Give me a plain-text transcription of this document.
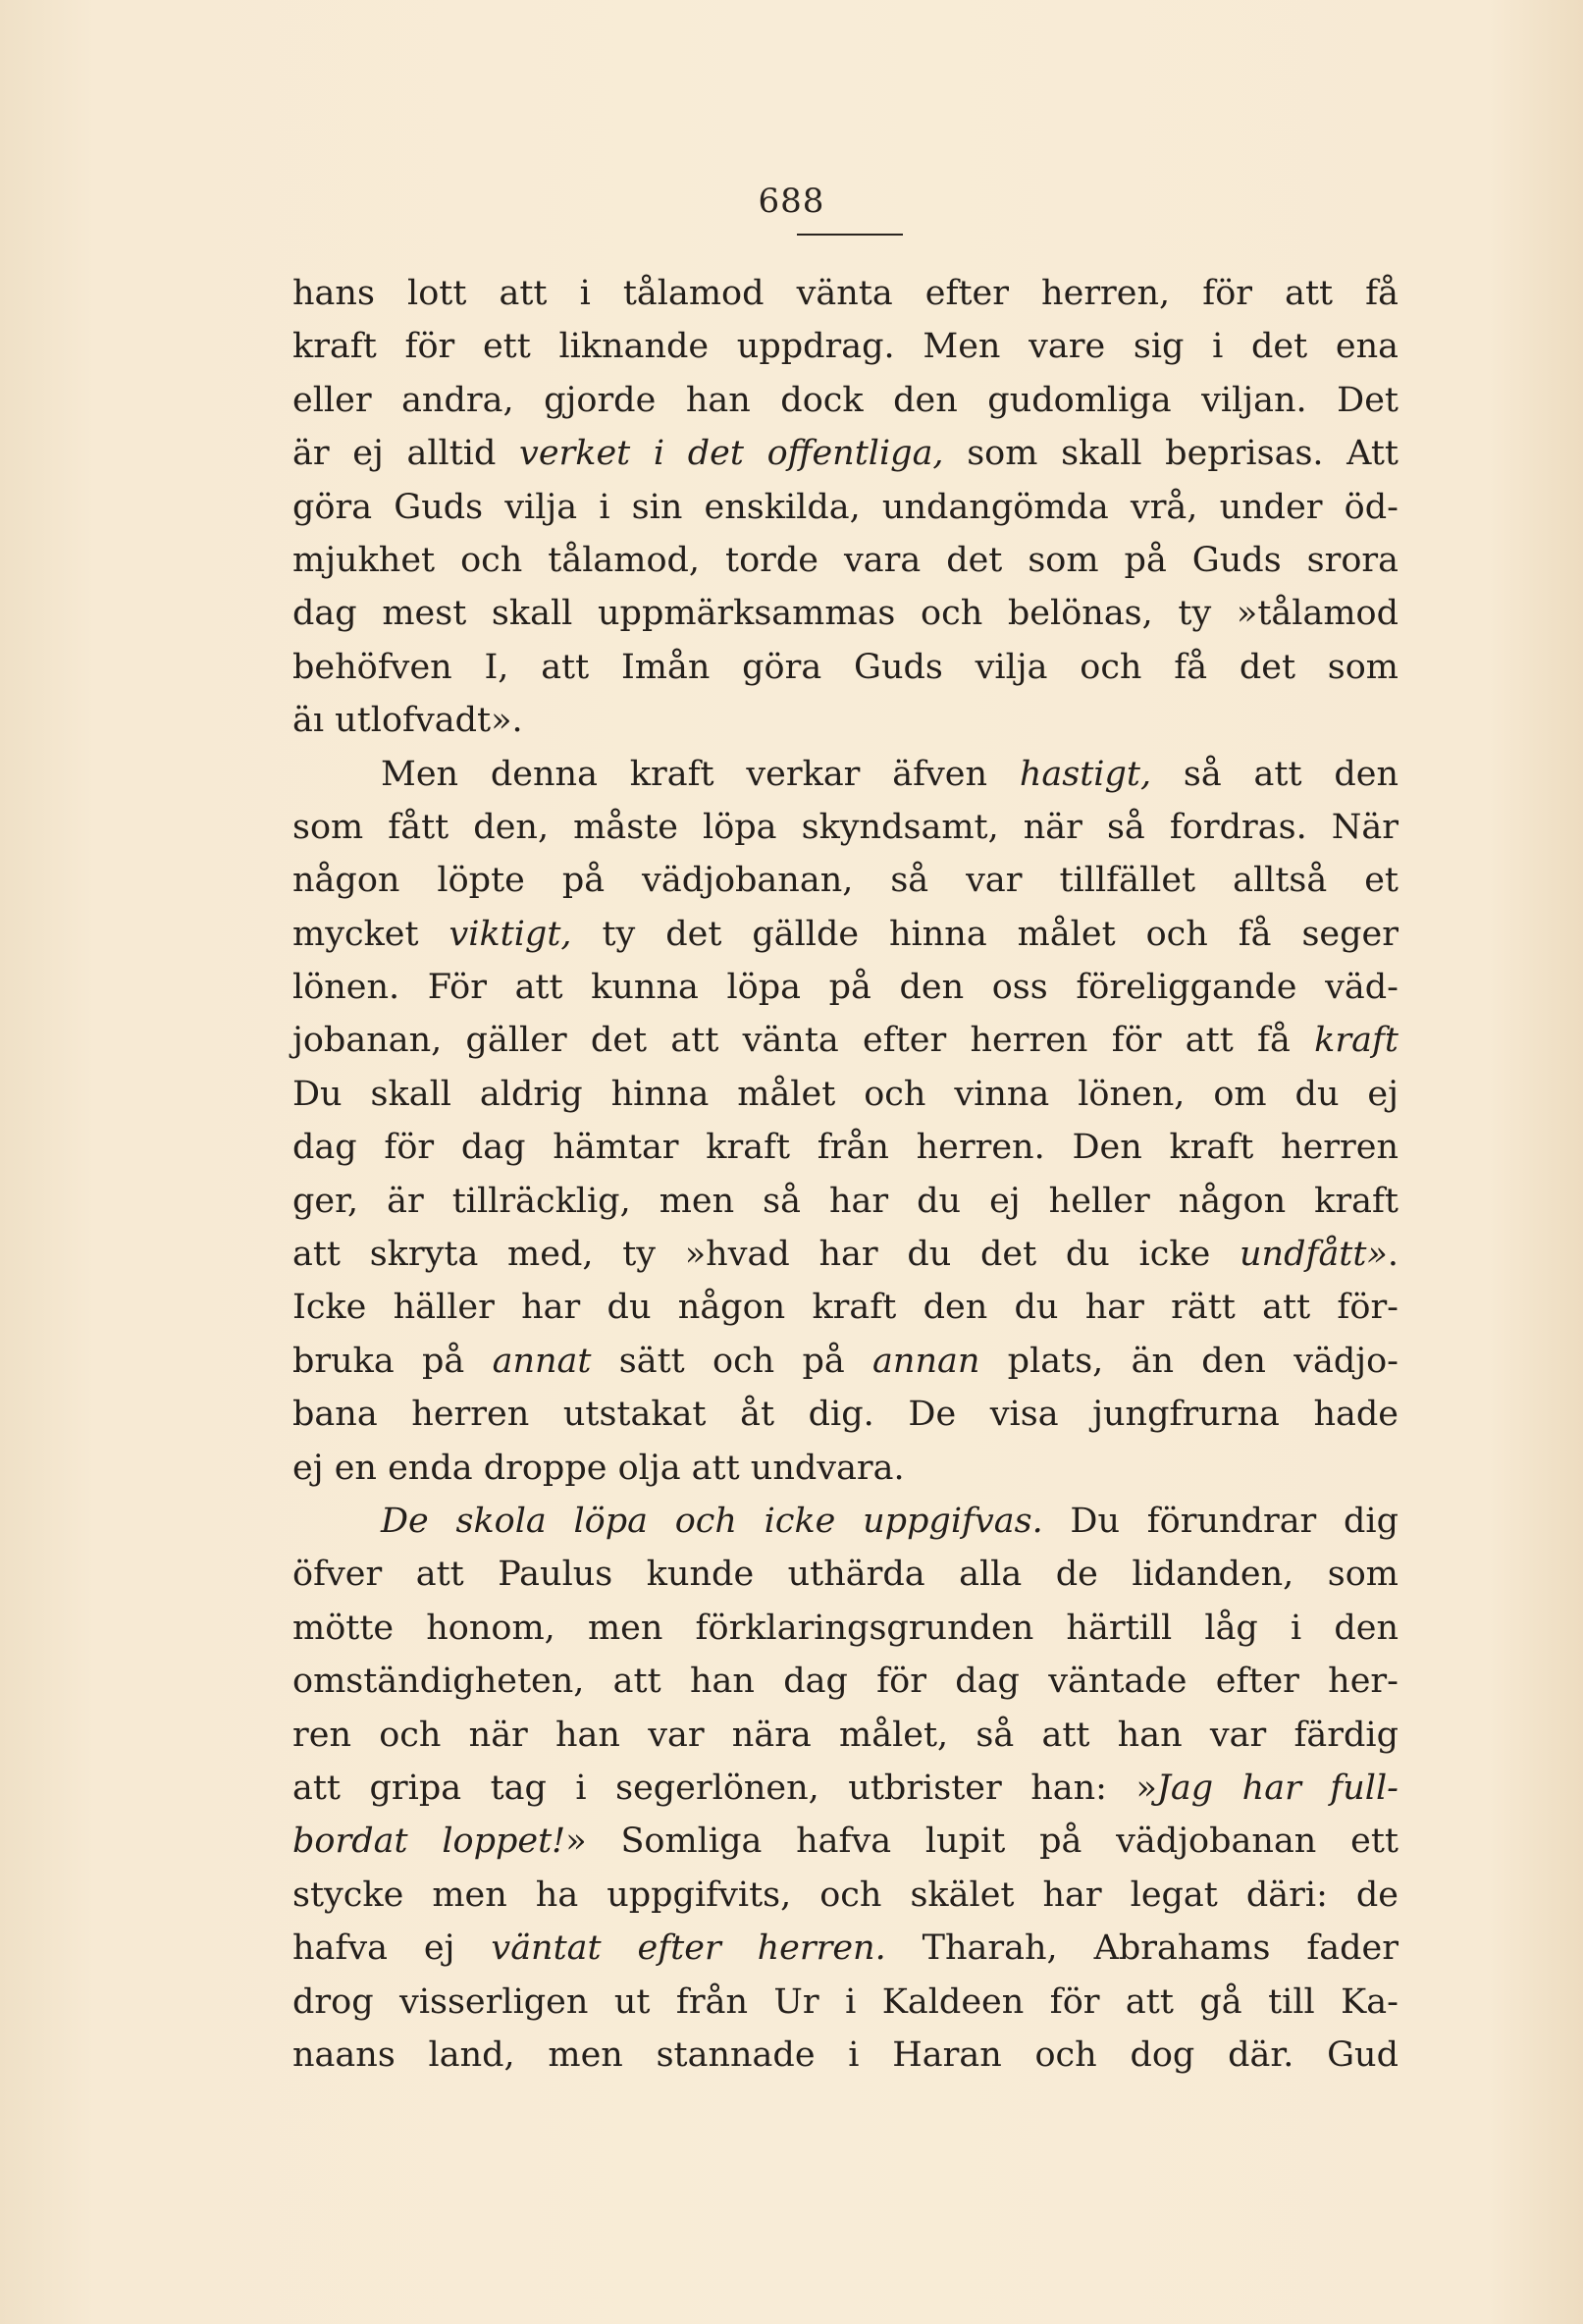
688
hans lott att i tålamod vänta efter herren, för att få
kraft för ett liknande uppdrag. Men vare sig i det ena
eller andra, gjorde han dock den gudomliga viljan. Det
är ej alltid verket i det offentliga, som skall beprisas. Att
göra Guds vilja i sin enskilda, undangömda vrå, under öd-
mjukhet och tålamod, torde vara det som på Guds srora
dag mest skall uppmärksammas och belönas, ty »tålamod
behöfven I, att Imån göra Guds vilja och få det som
äı utlofvadt».
Men denna kraft verkar äfven hastigt, så att den
som fått den, måste löpa skyndsamt, när så fordras. När
någon löpte på vädjobanan, så var tillfället alltså et
mycket viktigt, ty det gällde hinna målet och få seger
lönen. För att kunna löpa på den oss föreliggande väd-
jobanan, gäller det att vänta efter herren för att få kraft
Du skall aldrig hinna målet och vinna lönen, om du ej
dag för dag hämtar kraft från herren. Den kraft herren
ger, är tillräcklig, men så har du ej heller någon kraft
att skryta med, ty »hvad har du det du icke undfått».
Icke häller har du någon kraft den du har rätt att för-
bruka på annat sätt och på annan plats, än den vädjo-
bana herren utstakat åt dig. De visa jungfrurna hade
ej en enda droppe olja att undvara.
De skola löpa och icke uppgifvas. Du förundrar dig
öfver att Paulus kunde uthärda alla de lidanden, som
mötte honom, men förklaringsgrunden härtill låg i den
omständigheten, att han dag för dag väntade efter her-
ren och när han var nära målet, så att han var färdig
att gripa tag i segerlönen, utbrister han: »Jag har full-
bordat loppet!» Somliga hafva lupit på vädjobanan ett
stycke men ha uppgifvits, och skälet har legat däri: de
hafva ej väntat efter herren. Tharah, Abrahams fader
drog visserligen ut från Ur i Kaldeen för att gå till Ka-
naans land, men stannade i Haran och dog där. Gud
